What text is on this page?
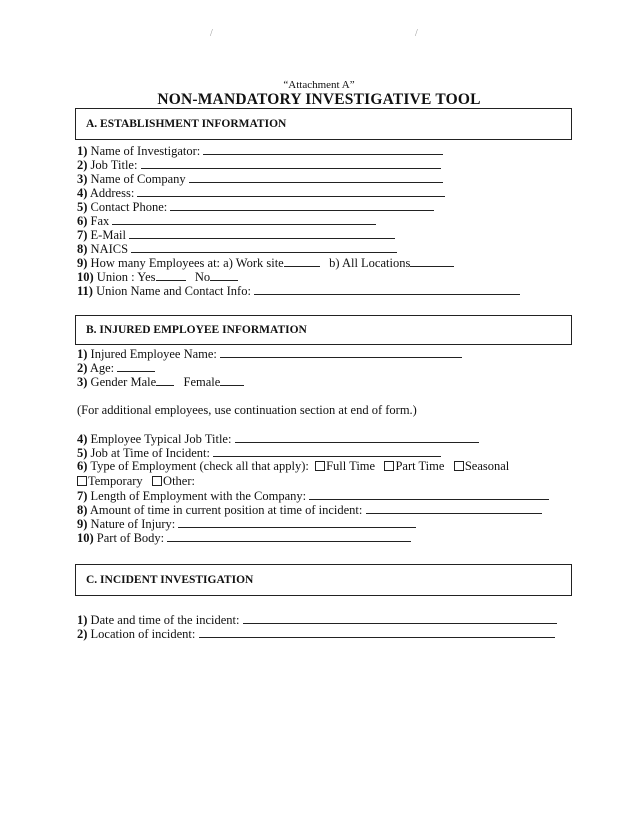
/	/
“Attachment A”
NON-MANDATORY INVESTIGATIVE TOOL
A. ESTABLISHMENT INFORMATION
1) Name of Investigator:
2) Job Title:
3) Name of Company
4) Address:
5) Contact Phone:
6) Fax
7) E-Mail
8) NAICS
9) How many Employees at: a) Work site	b) All Locations
10) Union : Yes	No
11) Union Name and Contact Info:
B. INJURED EMPLOYEE INFORMATION
1) Injured Employee Name:
2) Age:
3) Gender Male Female
(For additional employees, use continuation section at end of form.)
4) Employee Typical Job Title:
5) Job at Time of Incident:
6) Type of Employment (check all that apply): Full Time Part Time Seasonal
Temporary Other:
7) Length of Employment with the Company:
8) Amount of time in current position at time of incident:
9) Nature of Injury:
10) Part of Body:
C. INCIDENT INVESTIGATION
1) Date and time of the incident:
2) Location of incident:
